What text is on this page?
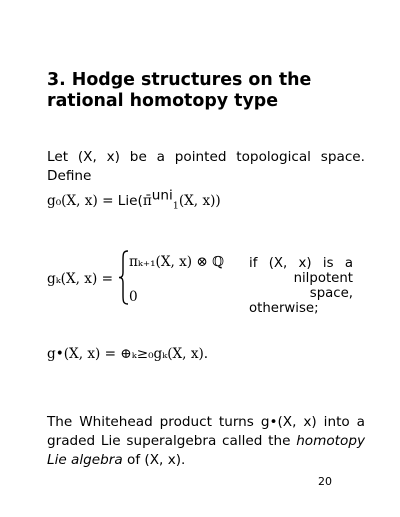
3. Hodge structures on the rational homotopy type

Let (X, x) be a pointed topological space.
Define

g₀(X, x) = Lie(π̄$^{uni}_1$(X, x))
gₖ(X, x) =
πₖ₊₁(X, x) ⊗ ℚ
0
if (X, x) is a
nilpotent space,
otherwise;
g•(X, x) = ⊕ₖ≥₀gₖ(X, x).

The Whitehead product turns g•(X, x) into a
graded Lie superalgebra called the homotopy
Lie algebra of (X, x).

20
